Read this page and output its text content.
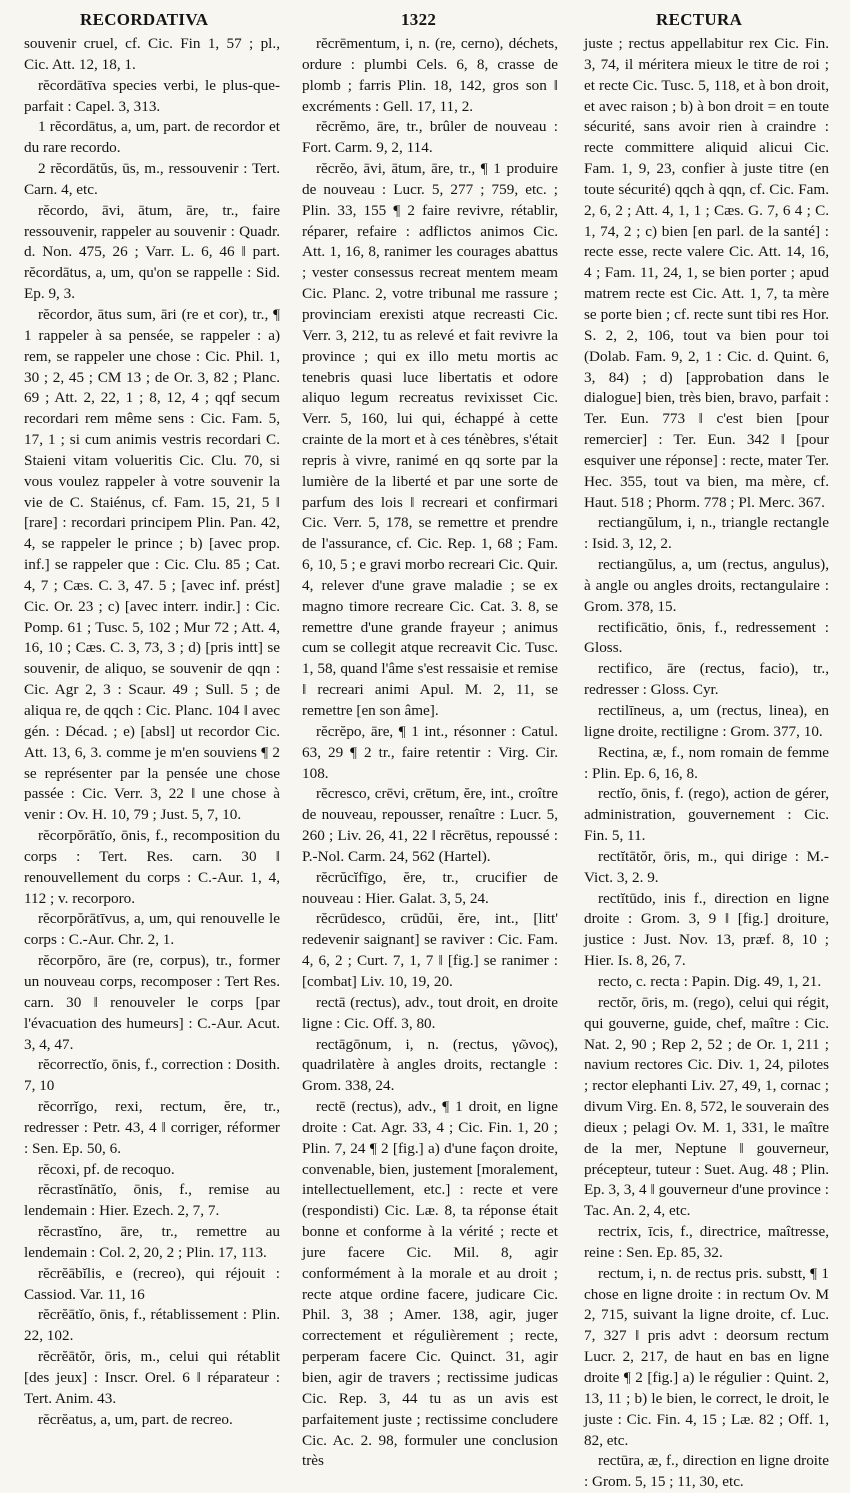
RECORDATIVA	1322	RECTURA

souvenir cruel, cf. Cic. Fin 1, 57 ; pl., Cic. Att. 12, 18, 1.

rĕcordātīva species verbi, le plus-que-parfait : Capel. 3, 313.

1 rĕcordātus, a, um, part. de recordor et du rare recordo.

2 rĕcordātŭs, ūs, m., ressouvenir : Tert. Carn. 4, etc.

rĕcordo, āvi, ātum, āre, tr., faire ressouvenir, rappeler au souvenir : Quadr. d. Non. 475, 26 ; Varr. L. 6, 46 ‖ part. rĕcordātus, a, um, qu'on se rappelle : Sid. Ep. 9, 3.

rĕcordor, ātus sum, āri (re et cor), tr., ¶ 1 rappeler à sa pensée, se rappeler : a) rem, se rappeler une chose : Cic. Phil. 1, 30 ; 2, 45 ; CM 13 ; de Or. 3, 82 ; Planc. 69 ; Att. 2, 22, 1 ; 8, 12, 4 ; qqf secum recordari rem même sens : Cic. Fam. 5, 17, 1 ; si cum animis vestris recordari C. Staieni vitam volueritis Cic. Clu. 70, si vous voulez rappeler à votre souvenir la vie de C. Staiénus, cf. Fam. 15, 21, 5 ‖ [rare] : recordari principem Plin. Pan. 42, 4, se rappeler le prince ; b) [avec prop. inf.] se rappeler que : Cic. Clu. 85 ; Cat. 4, 7 ; Cæs. C. 3, 47. 5 ; [avec inf. prést] Cic. Or. 23 ; c) [avec interr. indir.] : Cic. Pomp. 61 ; Tusc. 5, 102 ; Mur 72 ; Att. 4, 16, 10 ; Cæs. C. 3, 73, 3 ; d) [pris intt] se souvenir, de aliquo, se souvenir de qqn : Cic. Agr 2, 3 : Scaur. 49 ; Sull. 5 ; de aliqua re, de qqch : Cic. Planc. 104 ‖ avec gén. : Décad. ; e) [absl] ut recordor Cic. Att. 13, 6, 3. comme je m'en souviens ¶ 2 se représenter par la pensée une chose passée : Cic. Verr. 3, 22 ‖ une chose à venir : Ov. H. 10, 79 ; Just. 5, 7, 10.

rĕcorpŏrātĭo, ōnis, f., recomposition du corps : Tert. Res. carn. 30 ‖ renouvellement du corps : C.-Aur. 1, 4, 112 ; v. recorporo.

rĕcorpŏrātīvus, a, um, qui renouvelle le corps : C.-Aur. Chr. 2, 1.

rĕcorpŏro, āre (re, corpus), tr., former un nouveau corps, recomposer : Tert Res. carn. 30 ‖ renouveler le corps [par l'évacuation des humeurs] : C.-Aur. Acut. 3, 4, 47.

rĕcorrectĭo, ōnis, f., correction : Dosith. 7, 10

rĕcorrĭgo, rexi, rectum, ĕre, tr., redresser : Petr. 43, 4 ‖ corriger, réformer : Sen. Ep. 50, 6.

rĕcoxi, pf. de recoquo.

rĕcrastĭnātĭo, ōnis, f., remise au lendemain : Hier. Ezech. 2, 7, 7.

rĕcrastĭno, āre, tr., remettre au lendemain : Col. 2, 20, 2 ; Plin. 17, 113.

rĕcrĕābĭlis, e (recreo), qui réjouit : Cassiod. Var. 11, 16

rĕcrĕātĭo, ōnis, f., rétablissement : Plin. 22, 102.

rĕcrĕātŏr, ōris, m., celui qui rétablit [des jeux] : Inscr. Orel. 6 ‖ réparateur : Tert. Anim. 43.

rĕcrĕatus, a, um, part. de recreo.

rĕcrēmentum, i, n. (re, cerno), déchets, ordure : plumbi Cels. 6, 8, crasse de plomb ; farris Plin. 18, 142, gros son ‖ excréments : Gell. 17, 11, 2.

rĕcrĕmo, āre, tr., brûler de nouveau : Fort. Carm. 9, 2, 114.

rĕcrĕo, āvi, ātum, āre, tr., ¶ 1 produire de nouveau : Lucr. 5, 277 ; 759, etc. ; Plin. 33, 155 ¶ 2 faire revivre, rétablir, réparer, refaire : adflictos animos Cic. Att. 1, 16, 8, ranimer les courages abattus ; vester consessus recreat mentem meam Cic. Planc. 2, votre tribunal me rassure ; provinciam erexisti atque recreasti Cic. Verr. 3, 212, tu as relevé et fait revivre la province ; qui ex illo metu mortis ac tenebris quasi luce libertatis et odore aliquo legum recreatus revixisset Cic. Verr. 5, 160, lui qui, échappé à cette crainte de la mort et à ces ténèbres, s'était repris à vivre, ranimé en qq sorte par la lumière de la liberté et par une sorte de parfum des lois ‖ recreari et confirmari Cic. Verr. 5, 178, se remettre et prendre de l'assurance, cf. Cic. Rep. 1, 68 ; Fam. 6, 10, 5 ; e gravi morbo recreari Cic. Quir. 4, relever d'une grave maladie ; se ex magno timore recreare Cic. Cat. 3. 8, se remettre d'une grande frayeur ; animus cum se collegit atque recreavit Cic. Tusc. 1, 58, quand l'âme s'est ressaisie et remise ‖ recreari animi Apul. M. 2, 11, se remettre [en son âme].

rĕcrĕpo, āre, ¶ 1 int., résonner : Catul. 63, 29 ¶ 2 tr., faire retentir : Virg. Cir. 108.

rĕcresco, crēvi, crētum, ĕre, int., croître de nouveau, repousser, renaître : Lucr. 5, 260 ; Liv. 26, 41, 22 ‖ rĕcrētus, repoussé : P.-Nol. Carm. 24, 562 (Hartel).

rĕcrŭcĭfīgo, ĕre, tr., crucifier de nouveau : Hier. Galat. 3, 5, 24.

rĕcrūdesco, crūdŭi, ĕre, int., [litt' redevenir saignant] se raviver : Cic. Fam. 4, 6, 2 ; Curt. 7, 1, 7 ‖ [fig.] se ranimer : [combat] Liv. 10, 19, 20.

rectā (rectus), adv., tout droit, en droite ligne : Cic. Off. 3, 80.

rectāgōnum, i, n. (rectus, γῶνος), quadrilatère à angles droits, rectangle : Grom. 338, 24.

rectē (rectus), adv., ¶ 1 droit, en ligne droite : Cat. Agr. 33, 4 ; Cic. Fin. 1, 20 ; Plin. 7, 24 ¶ 2 [fig.] a) d'une façon droite, convenable, bien, justement [moralement, intellectuellement, etc.] : recte et vere (respondisti) Cic. Læ. 8, ta réponse était bonne et conforme à la vérité ; recte et jure facere Cic. Mil. 8, agir conformément à la morale et au droit ; recte atque ordine facere, judicare Cic. Phil. 3, 38 ; Amer. 138, agir, juger correctement et régulièrement ; recte, perperam facere Cic. Quinct. 31, agir bien, agir de travers ; rectissime judicas Cic. Rep. 3, 44 tu as un avis est parfaitement juste ; rectissime concludere Cic. Ac. 2. 98, formuler une conclusion très

juste ; rectus appellabitur rex Cic. Fin. 3, 74, il méritera mieux le titre de roi ; et recte Cic. Tusc. 5, 118, et à bon droit, et avec raison ; b) à bon droit = en toute sécurité, sans avoir rien à craindre : recte committere aliquid alicui Cic. Fam. 1, 9, 23, confier à juste titre (en toute sécurité) qqch à qqn, cf. Cic. Fam. 2, 6, 2 ; Att. 4, 1, 1 ; Cæs. G. 7, 6 4 ; C. 1, 74, 2 ; c) bien [en parl. de la santé] : recte esse, recte valere Cic. Att. 14, 16, 4 ; Fam. 11, 24, 1, se bien porter ; apud matrem recte est Cic. Att. 1, 7, ta mère se porte bien ; cf. recte sunt tibi res Hor. S. 2, 2, 106, tout va bien pour toi (Dolab. Fam. 9, 2, 1 : Cic. d. Quint. 6, 3, 84) ; d) [approbation dans le dialogue] bien, très bien, bravo, parfait : Ter. Eun. 773 ‖ c'est bien [pour remercier] : Ter. Eun. 342 ‖ [pour esquiver une réponse] : recte, mater Ter. Hec. 355, tout va bien, ma mère, cf. Haut. 518 ; Phorm. 778 ; Pl. Merc. 367.

rectiangŭlum, i, n., triangle rectangle : Isid. 3, 12, 2.

rectiangŭlus, a, um (rectus, angulus), à angle ou angles droits, rectangulaire : Grom. 378, 15.

rectificātio, ōnis, f., redressement : Gloss.

rectifico, āre (rectus, facio), tr., redresser : Gloss. Cyr.

rectilīneus, a, um (rectus, linea), en ligne droite, rectiligne : Grom. 377, 10.

Rectina, æ, f., nom romain de femme : Plin. Ep. 6, 16, 8.

rectĭo, ōnis, f. (rego), action de gérer, administration, gouvernement : Cic. Fin. 5, 11.

rectĭtātŏr, ōris, m., qui dirige : M.-Vict. 3, 2. 9.

rectĭtūdo, inis f., direction en ligne droite : Grom. 3, 9 ‖ [fig.] droiture, justice : Just. Nov. 13, præf. 8, 10 ; Hier. Is. 8, 26, 7.

recto, c. recta : Papin. Dig. 49, 1, 21.

rectŏr, ōris, m. (rego), celui qui régit, qui gouverne, guide, chef, maître : Cic. Nat. 2, 90 ; Rep 2, 52 ; de Or. 1, 211 ; navium rectores Cic. Div. 1, 24, pilotes ; rector elephanti Liv. 27, 49, 1, cornac ; divum Virg. En. 8, 572, le souverain des dieux ; pelagi Ov. M. 1, 331, le maître de la mer, Neptune ‖ gouverneur, précepteur, tuteur : Suet. Aug. 48 ; Plin. Ep. 3, 3, 4 ‖ gouverneur d'une province : Tac. An. 2, 4, etc.

rectrix, īcis, f., directrice, maîtresse, reine : Sen. Ep. 85, 32.

rectum, i, n. de rectus pris. substt, ¶ 1 chose en ligne droite : in rectum Ov. M 2, 715, suivant la ligne droite, cf. Luc. 7, 327 ‖ pris advt : deorsum rectum Lucr. 2, 217, de haut en bas en ligne droite ¶ 2 [fig.] a) le régulier : Quint. 2, 13, 11 ; b) le bien, le correct, le droit, le juste : Cic. Fin. 4, 15 ; Læ. 82 ; Off. 1, 82, etc.

rectūra, æ, f., direction en ligne droite : Grom. 5, 15 ; 11, 30, etc.
